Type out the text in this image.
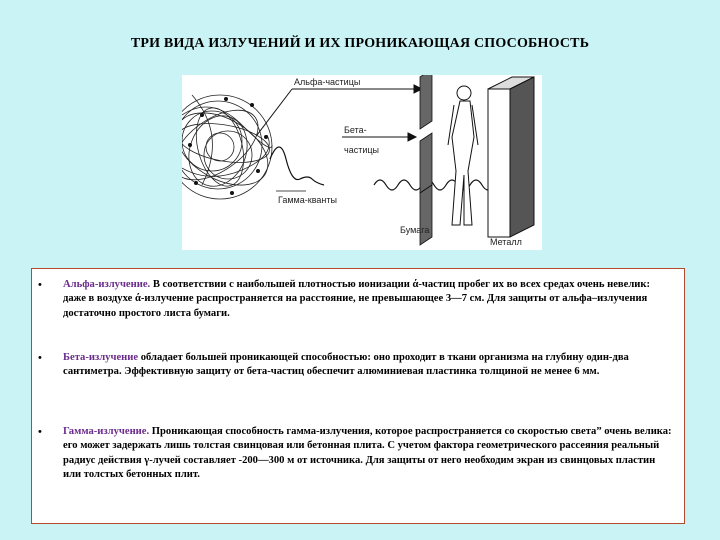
ТРИ ВИДА ИЗЛУЧЕНИЙ И ИХ ПРОНИКАЮЩАЯ СПОСОБНОСТЬ
Альфа-частицы
Бета-
частицы
Гамма-кванты
Бумага
Металл
• Альфа-излучение. В соответствии с наибольшей плотностью ионизации ά-частиц пробег их во всех средах очень невелик: даже в воздухе ά-излучение распространяется на расстояние, не превышающее 3—7 см. Для защиты от альфа–излучения достаточно простого листа бумаги.
• Бета-излучение обладает большей проникающей способностью: оно проходит в ткани организма на глубину один-два сантиметра. Эффективную защиту от бета-частиц обеспечит алюминиевая пластинка толщиной не менее 6 мм.
• Гамма-излучение. Проникающая способность гамма-излучения, которое распространяется со скоростью света” очень велика: его может задержать лишь толстая свинцовая или бетонная плита. С учетом фактора геометрического рассеяния реальный радиус действия γ-лучей составляет -200—300 м от источника. Для защиты от него необходим экран из свинцовых пластин или толстых бетонных плит.
